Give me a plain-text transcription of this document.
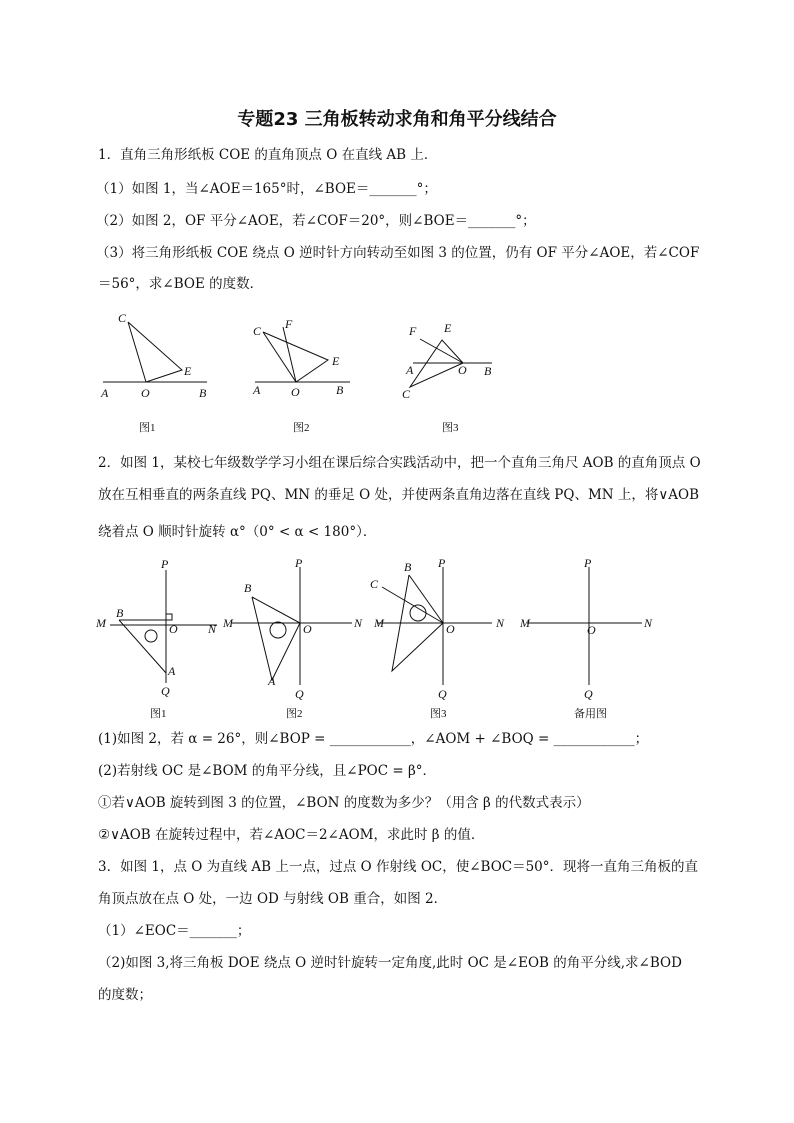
专题23 三角板转动求角和角平分线结合
1．直角三角形纸板 COE 的直角顶点 O 在直线 AB 上．
（1）如图 1，当∠AOE＝165°时，∠BOE＝_______°；
（2）如图 2，OF 平分∠AOE，若∠COF＝20°，则∠BOE＝_______°；
（3）将三角形纸板 COE 绕点 O 逆时针方向转动至如图 3 的位置，仍有 OF 平分∠AOE，若∠COF
＝56°，求∠BOE 的度数．
C
E
A	O	B
图1
C F
E
A	O	B
图2
F E
A	O B
C
图3
2．如图 1，某校七年级数学学习小组在课后综合实践活动中，把一个直角三角尺 AOB 的直角顶点 O
放在互相垂直的两条直线 PQ、MN 的垂足 O 处，并使两条直角边落在直线 PQ、MN 上，将∨AOB
绕着点 O 顺时针旋转 α°（0° < α < 180°）．
P
M
B
O	N
A
Q
图1
P
M
B
O	N
A
Q
图2
P
C
B
M	O	N
Q
图3
P
M	O	N
Q
备用图
(1)如图 2，若 α = 26°，则∠BOP = ____________，∠AOM + ∠BOQ = ____________；
(2)若射线 OC 是∠BOM 的角平分线，且∠POC = β°．
①若∨AOB 旋转到图 3 的位置，∠BON 的度数为多少？（用含 β 的代数式表示）
②∨AOB 在旋转过程中，若∠AOC＝2∠AOM，求此时 β 的值．
3．如图 1，点 O 为直线 AB 上一点，过点 O 作射线 OC，使∠BOC＝50°．现将一直角三角板的直
角顶点放在点 O 处，一边 OD 与射线 OB 重合，如图 2．
（1）∠EOC＝_______；
（2)如图 3,将三角板 DOE 绕点 O 逆时针旋转一定角度,此时 OC 是∠EOB 的角平分线,求∠BOD
的度数；
